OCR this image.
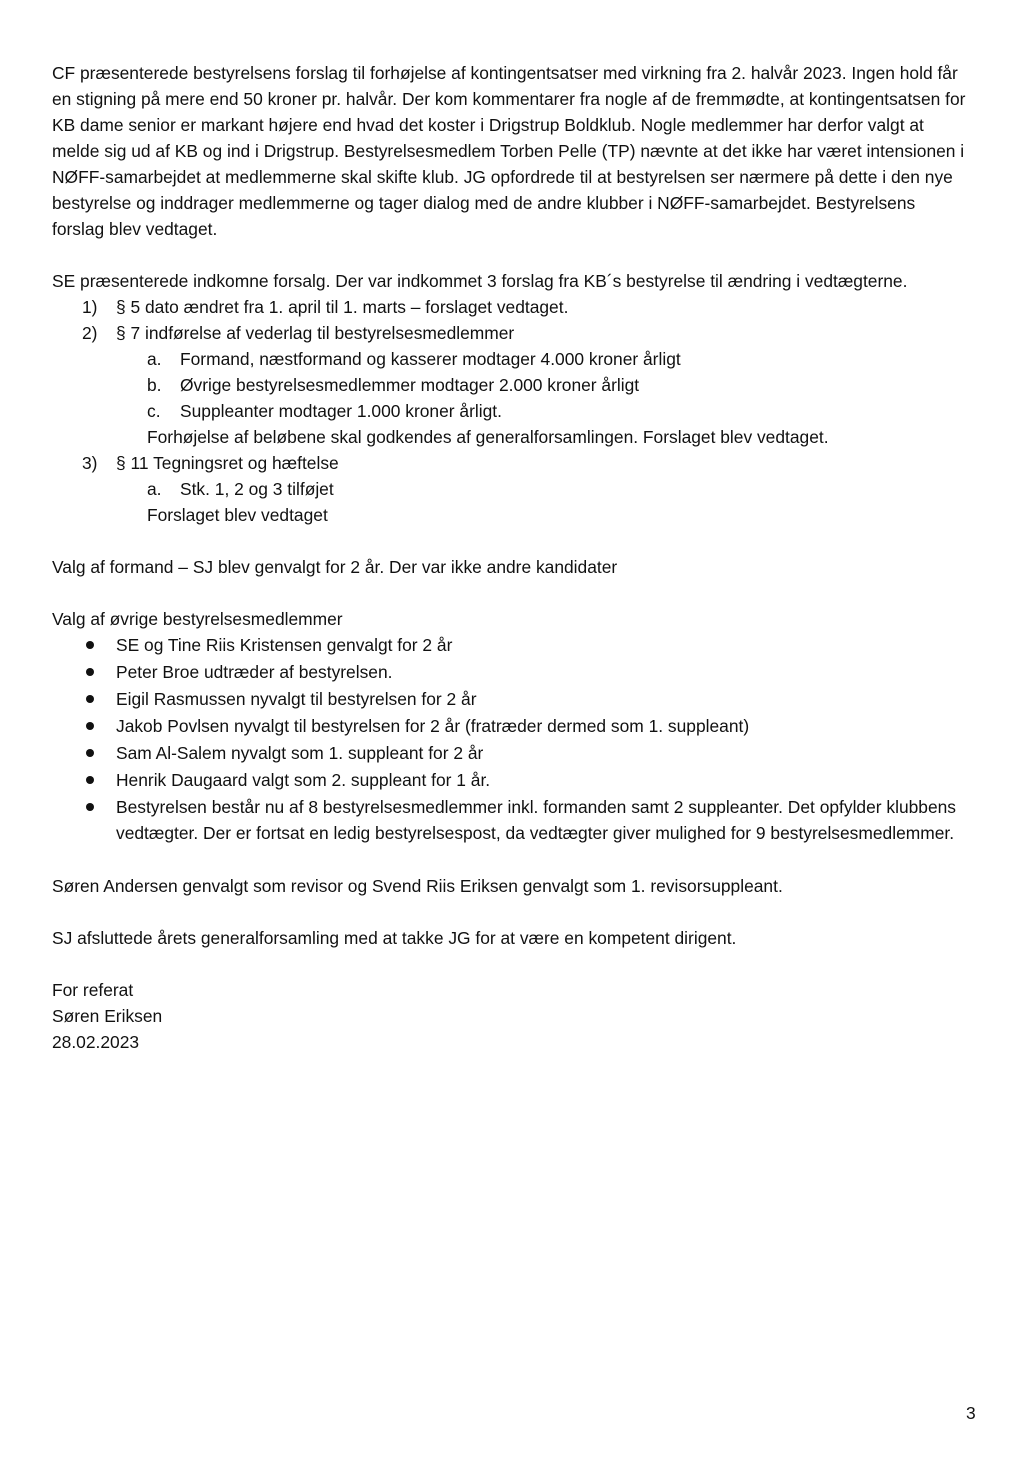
CF præsenterede bestyrelsens forslag til forhøjelse af kontingentsatser med virkning fra 2. halvår 2023. Ingen hold får en stigning på mere end 50 kroner pr. halvår. Der kom kommentarer fra nogle af de fremmødte, at kontingentsatsen for KB dame senior er markant højere end hvad det koster i Drigstrup Boldklub. Nogle medlemmer har derfor valgt at melde sig ud af KB og ind i Drigstrup. Bestyrelsesmedlem Torben Pelle (TP) nævnte at det ikke har været intensionen i NØFF-samarbejdet at medlemmerne skal skifte klub. JG opfordrede til at bestyrelsen ser nærmere på dette i den nye bestyrelse og inddrager medlemmerne og tager dialog med de andre klubber i NØFF-samarbejdet. Bestyrelsens forslag blev vedtaget.

SE præsenterede indkomne forsalg. Der var indkommet 3 forslag fra KB´s bestyrelse til ændring i vedtægterne.

1) § 5 dato ændret fra 1. april til 1. marts – forslaget vedtaget.
2) § 7 indførelse af vederlag til bestyrelsesmedlemmer
a. Formand, næstformand og kasserer modtager 4.000 kroner årligt
b. Øvrige bestyrelsesmedlemmer modtager 2.000 kroner årligt
c. Suppleanter modtager 1.000 kroner årligt.

Forhøjelse af beløbene skal godkendes af generalforsamlingen. Forslaget blev vedtaget.

3) § 11 Tegningsret og hæftelse
a. Stk. 1, 2 og 3 tilføjet

Forslaget blev vedtaget

Valg af formand – SJ blev genvalgt for 2 år. Der var ikke andre kandidater

Valg af øvrige bestyrelsesmedlemmer

SE og Tine Riis Kristensen genvalgt for 2 år
Peter Broe udtræder af bestyrelsen.
Eigil Rasmussen nyvalgt til bestyrelsen for 2 år
Jakob Povlsen nyvalgt til bestyrelsen for 2 år (fratræder dermed som 1. suppleant)
Sam Al-Salem nyvalgt som 1. suppleant for 2 år
Henrik Daugaard valgt som 2. suppleant for 1 år.
Bestyrelsen består nu af 8 bestyrelsesmedlemmer inkl. formanden samt 2 suppleanter. Det opfylder klubbens vedtægter. Der er fortsat en ledig bestyrelsespost, da vedtægter giver mulighed for 9 bestyrelsesmedlemmer.

Søren Andersen genvalgt som revisor og Svend Riis Eriksen genvalgt som 1. revisorsuppleant.

SJ afsluttede årets generalforsamling med at takke JG for at være en kompetent dirigent.

For referat

Søren Eriksen

28.02.2023

3
